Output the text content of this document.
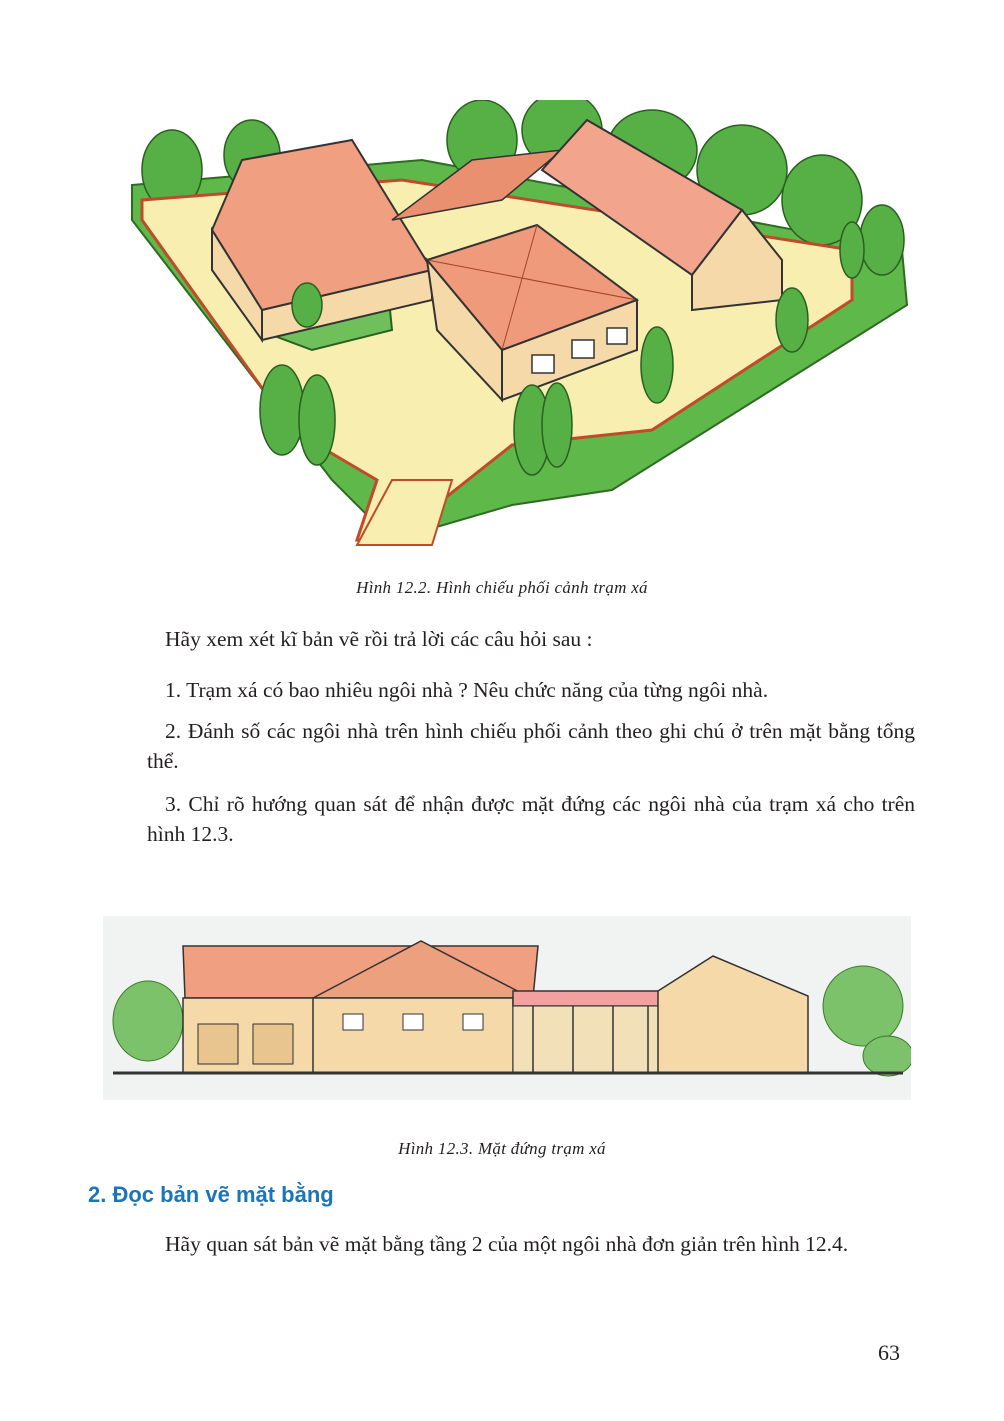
Hình 12.2. Hình chiếu phối cảnh trạm xá
Hãy xem xét kĩ bản vẽ rồi trả lời các câu hỏi sau :
1. Trạm xá có bao nhiêu ngôi nhà ? Nêu chức năng của từng ngôi nhà.
2. Đánh số các ngôi nhà trên hình chiếu phối cảnh theo ghi chú ở trên mặt bằng tổng thể.
3. Chỉ rõ hướng quan sát để nhận được mặt đứng các ngôi nhà của trạm xá cho trên hình 12.3.
Hình 12.3. Mặt đứng trạm xá
2. Đọc bản vẽ mặt bằng
Hãy quan sát bản vẽ mặt bằng tầng 2 của một ngôi nhà đơn giản trên hình 12.4.
63
